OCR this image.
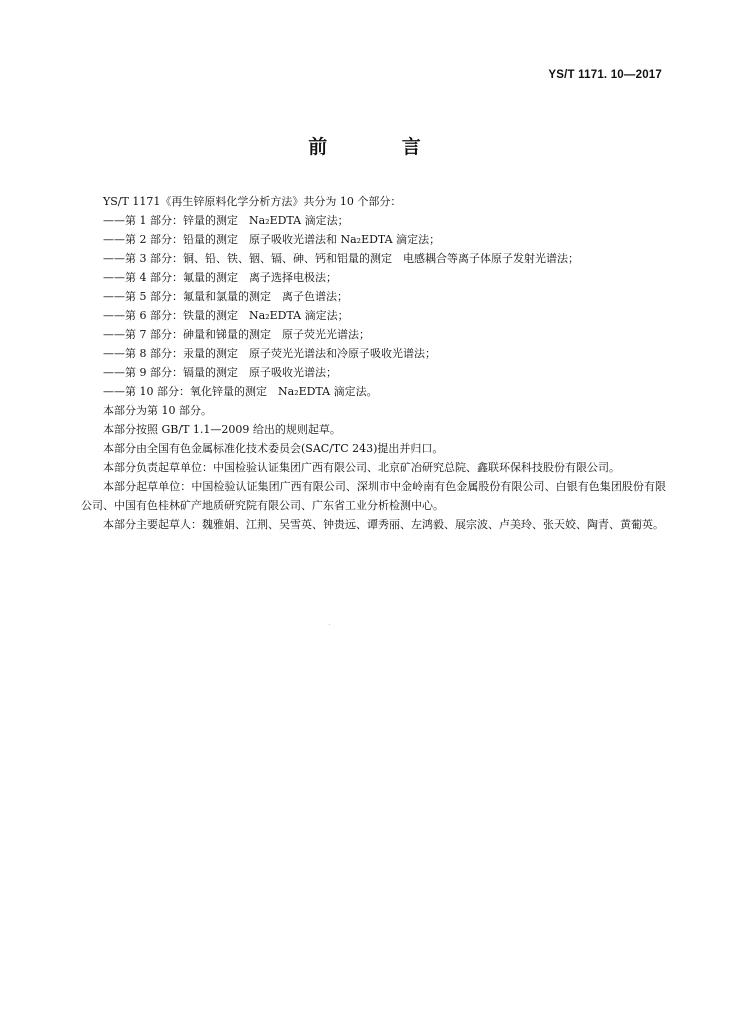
YS/T 1171. 10—2017
前 言

YS/T 1171《再生锌原料化学分析方法》共分为 10 个部分：

——第 1 部分：锌量的测定　Na₂EDTA 滴定法；
——第 2 部分：铅量的测定　原子吸收光谱法和 Na₂EDTA 滴定法；
——第 3 部分：铜、铅、铁、铟、镉、砷、钙和铝量的测定　电感耦合等离子体原子发射光谱法；
——第 4 部分：氟量的测定　离子选择电极法；
——第 5 部分：氟量和氯量的测定　离子色谱法；
——第 6 部分：铁量的测定　Na₂EDTA 滴定法；
——第 7 部分：砷量和锑量的测定　原子荧光光谱法；
——第 8 部分：汞量的测定　原子荧光光谱法和冷原子吸收光谱法；
——第 9 部分：镉量的测定　原子吸收光谱法；
——第 10 部分：氧化锌量的测定　Na₂EDTA 滴定法。

本部分为第 10 部分。

本部分按照 GB/T 1.1—2009 给出的规则起草。

本部分由全国有色金属标准化技术委员会(SAC/TC 243)提出并归口。

本部分负责起草单位：中国检验认证集团广西有限公司、北京矿冶研究总院、鑫联环保科技股份有限公司。

本部分起草单位：中国检验认证集团广西有限公司、深圳市中金岭南有色金属股份有限公司、白银有色集团股份有限公司、中国有色桂林矿产地质研究院有限公司、广东省工业分析检测中心。

本部分主要起草人：魏雅娟、江荆、吴雪英、钟贵远、谭秀丽、左鸿毅、展宗波、卢美玲、张天姣、陶青、黄葡英。
